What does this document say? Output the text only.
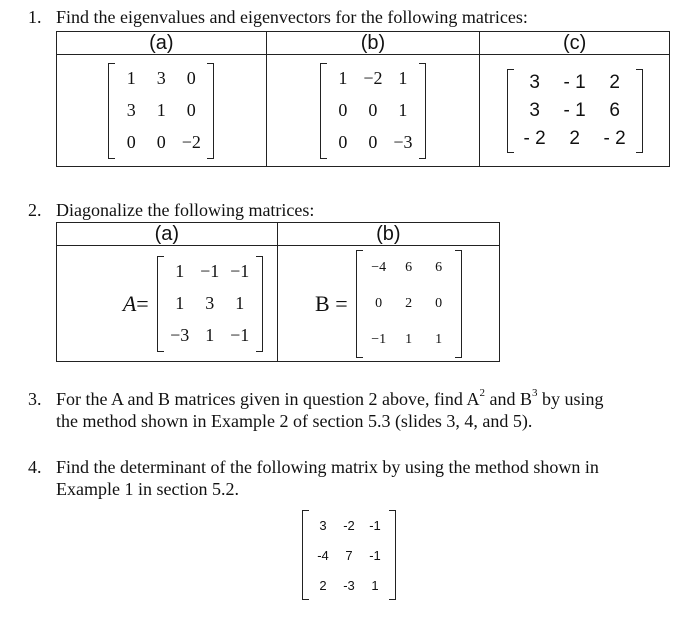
1. Find the eigenvalues and eigenvectors for the following matrices:
(a)	(b)	(c)

1	3	0
3	1	0
0	0	−2

1	−2	1
0	0	1
0	0	−3

3	- 1	2
3	- 1	6
- 2	2	- 2
2. Diagonalize the following matrices:
(a)	(b)
A=
1	−1	−1
1	3	1
−3	1	−1
	B =
−4	6	6
0	2	0
−1	1	1
3. For the A and B matrices given in question 2 above, find $A^2$ and $B^3$ by using
the method shown in Example 2 of section 5.3 (slides 3, 4, and 5).
4. Find the determinant of the following matrix by using the method shown in
Example 1 in section 5.2.
3	-2	-1
-4	7	-1
2	-3	1
